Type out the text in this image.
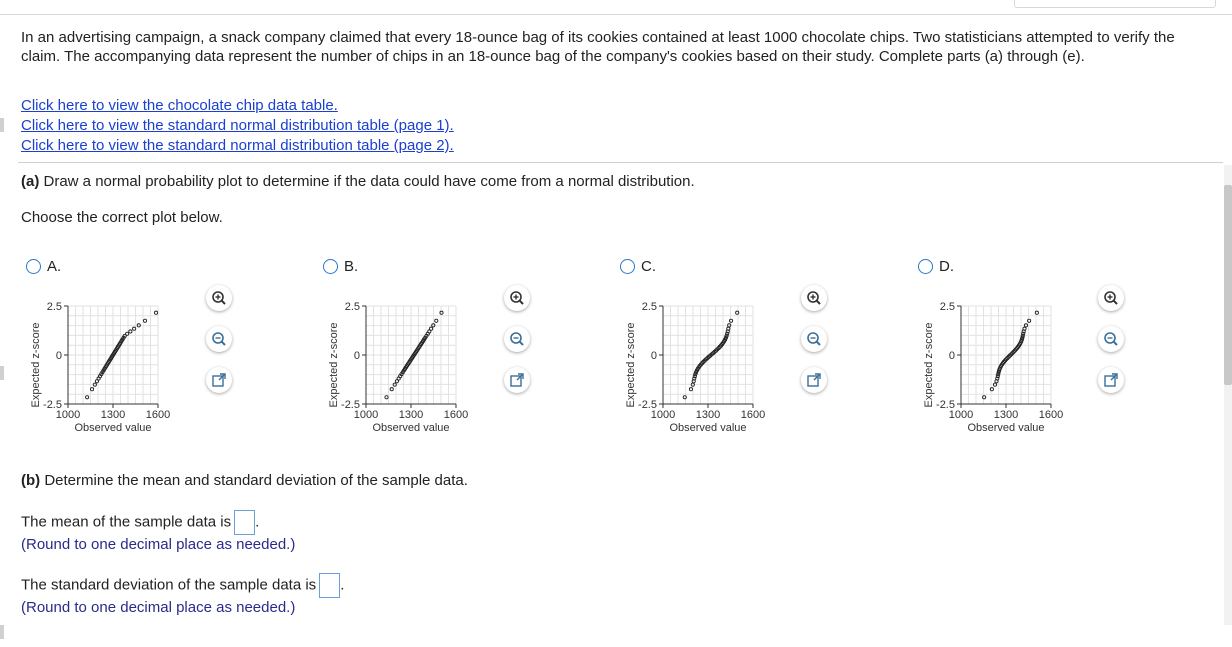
In an advertising campaign, a snack company claimed that every 18-ounce bag of its cookies contained at least 1000 chocolate chips. Two statisticians attempted to verify the claim. The accompanying data represent the number of chips in an 18-ounce bag of the company's cookies based on their study. Complete parts (a) through (e).
Click here to view the chocolate chip data table.
Click here to view the standard normal distribution table (page 1).
Click here to view the standard normal distribution table (page 2).
(a) Draw a normal probability plot to determine if the data could have come from a normal distribution.
Choose the correct plot below.
A.	B.	C.	D.
2.5
0
-2.5
1000 1300 1600
Observed value
Expected z-score
2.5
0
-2.5
1000 1300 1600
Observed value
Expected z-score
2.5
0
-2.5
1000 1300 1600
Observed value
Expected z-score
2.5
0
-2.5
1000 1300 1600
Observed value
Expected z-score
(b) Determine the mean and standard deviation of the sample data.
The mean of the sample data is .
(Round to one decimal place as needed.)
The standard deviation of the sample data is .
(Round to one decimal place as needed.)
